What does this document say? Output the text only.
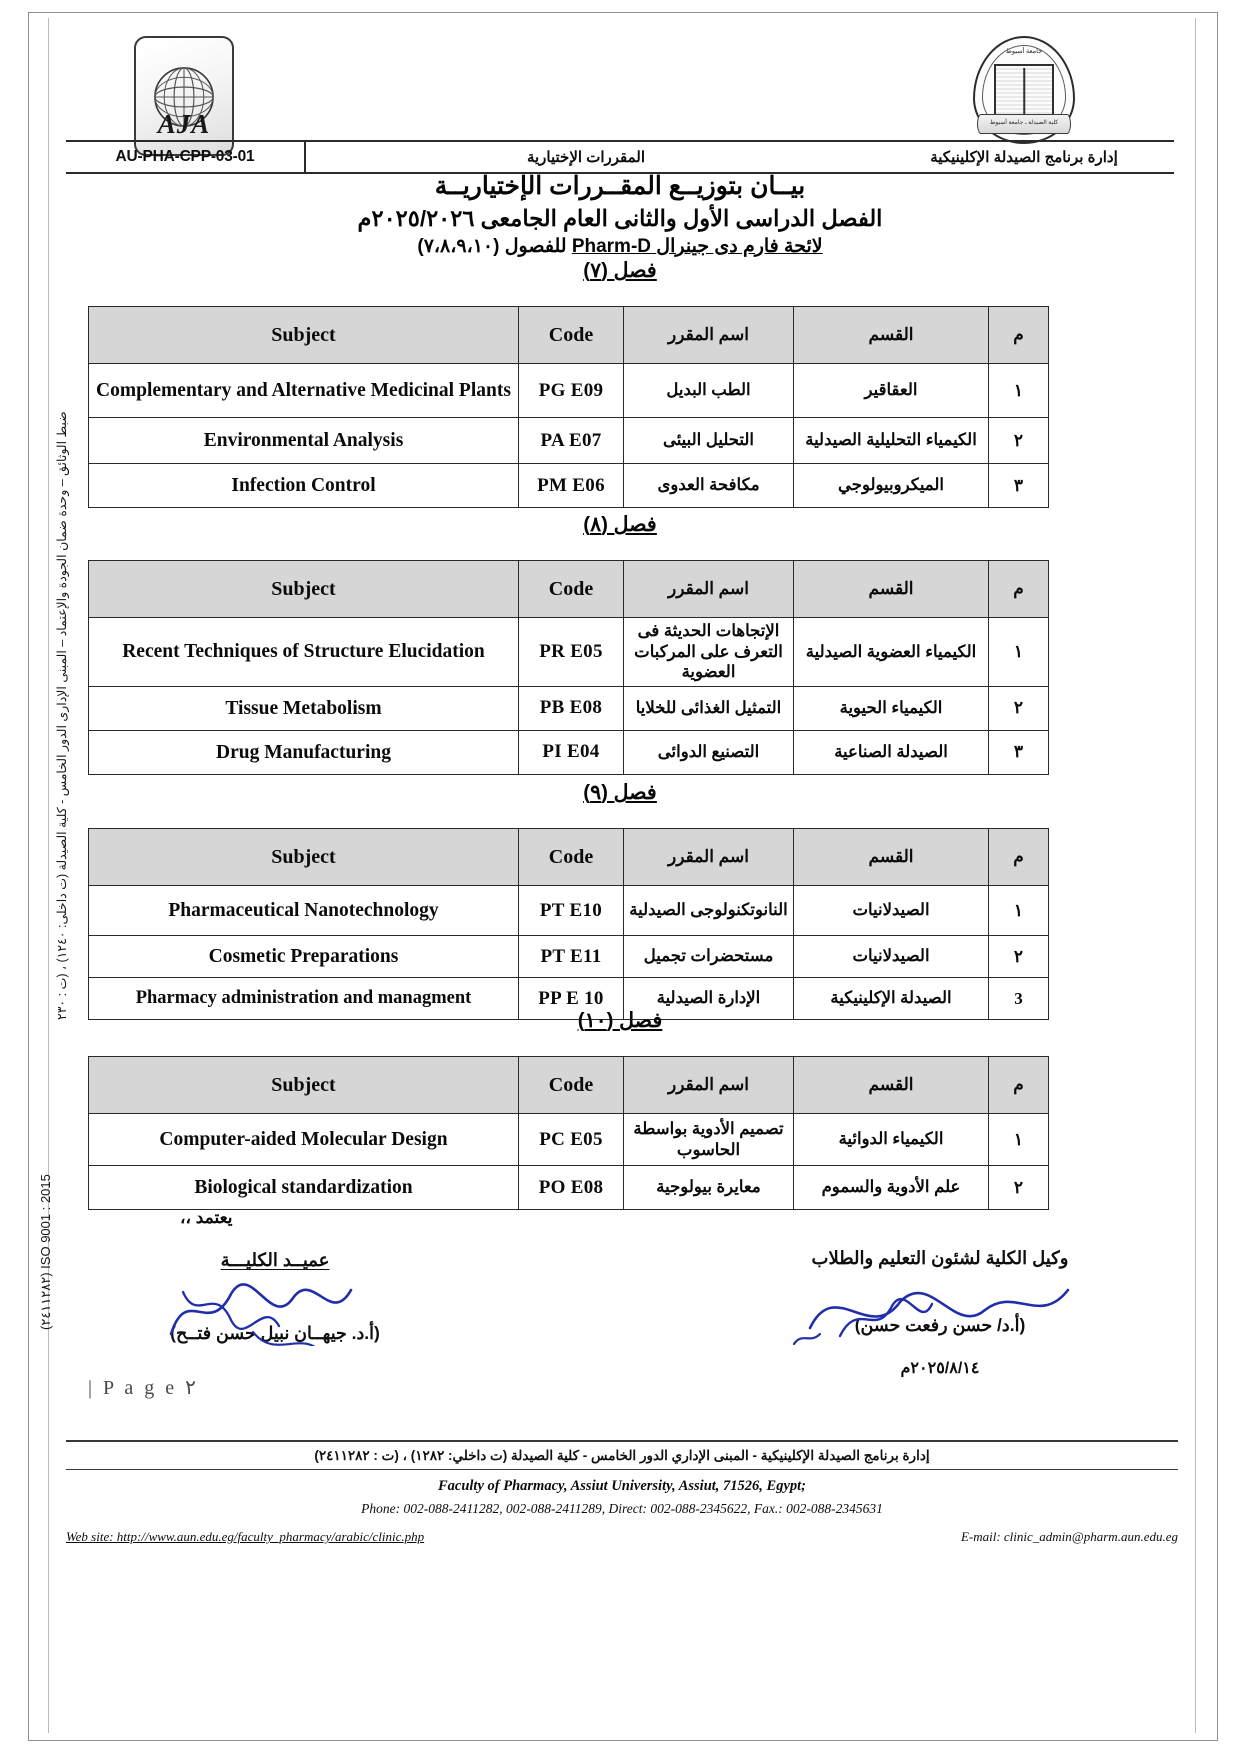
AJA
جامعة أسيوط
كلية الصيدلة ـ جامعة أسيوط
AU-PHA-CPP-03-01	المقررات الإختيارية	إدارة برنامج الصيدلة الإكلينيكية
بيــان بتوزيــع المقــررات الإختياريــة
الفصل الدراسى الأول والثانى العام الجامعى ٢٠٢٥/٢٠٢٦م
لائحة فارم دى جينرال Pharm-D للفصول (٧،٨،٩،١٠)
ضبط الوثائق – وحدة ضمان الجودة والإعتماد – المبنى الإدارى الدور الخامس - كلية الصيدلة (ت داخلى: ١٢٤٠) ، (ت : ٢٣٠
ISO 9001 : 2015 (٢٤١١٢٨٢)
فصل (٧)
Subject	Code	اسم المقرر	القسم	م
Complementary and Alternative Medicinal Plants	PG E09	الطب البديل	العقاقير	١
Environmental Analysis	PA E07	التحليل البيئى	الكيمياء التحليلية الصيدلية	٢
Infection Control	PM E06	مكافحة العدوى	الميكروبيولوجي	٣
فصل (٨)
Subject	Code	اسم المقرر	القسم	م
Recent Techniques of Structure Elucidation	PR E05	الإتجاهات الحديثة فى التعرف على المركبات العضوية	الكيمياء العضوية الصيدلية	١
Tissue Metabolism	PB E08	التمثيل الغذائى للخلايا	الكيمياء الحيوية	٢
Drug Manufacturing	PI E04	التصنيع الدوائى	الصيدلة الصناعية	٣
فصل (٩)
Subject	Code	اسم المقرر	القسم	م
Pharmaceutical Nanotechnology	PT E10	النانوتكنولوجى الصيدلية	الصيدلانيات	١
Cosmetic Preparations	PT E11	مستحضرات تجميل	الصيدلانيات	٢
Pharmacy administration and managment	PP E 10	الإدارة الصيدلية	الصيدلة الإكلينيكية	3
فصل (١٠)
Subject	Code	اسم المقرر	القسم	م
Computer-aided Molecular Design	PC E05	تصميم الأدوية بواسطة الحاسوب	الكيمياء الدوائية	١
Biological standardization	PO E08	معايرة بيولوجية	علم الأدوية والسموم	٢
يعتمد ،،
وكيل الكلية لشئون التعليم والطلاب
(أ.د/ حسن رفعت حسن)
٢٠٢٥/٨/١٤م
عميــد الكليـــة
(أ.د. جيهــان نبيل حسن فتــح)
| P a g e ٢
إدارة برنامج الصيدلة الإكلينيكية - المبنى الإداري الدور الخامس - كلية الصيدلة (ت داخلي: ١٢٨٢) ، (ت : ٢٤١١٢٨٢)
Faculty of Pharmacy, Assiut University, Assiut, 71526, Egypt;
Phone: 002-088-2411282, 002-088-2411289, Direct: 002-088-2345622, Fax.: 002-088-2345631
Web site: http://www.aun.edu.eg/faculty_pharmacy/arabic/clinic.php	E-mail: clinic_admin@pharm.aun.edu.eg
